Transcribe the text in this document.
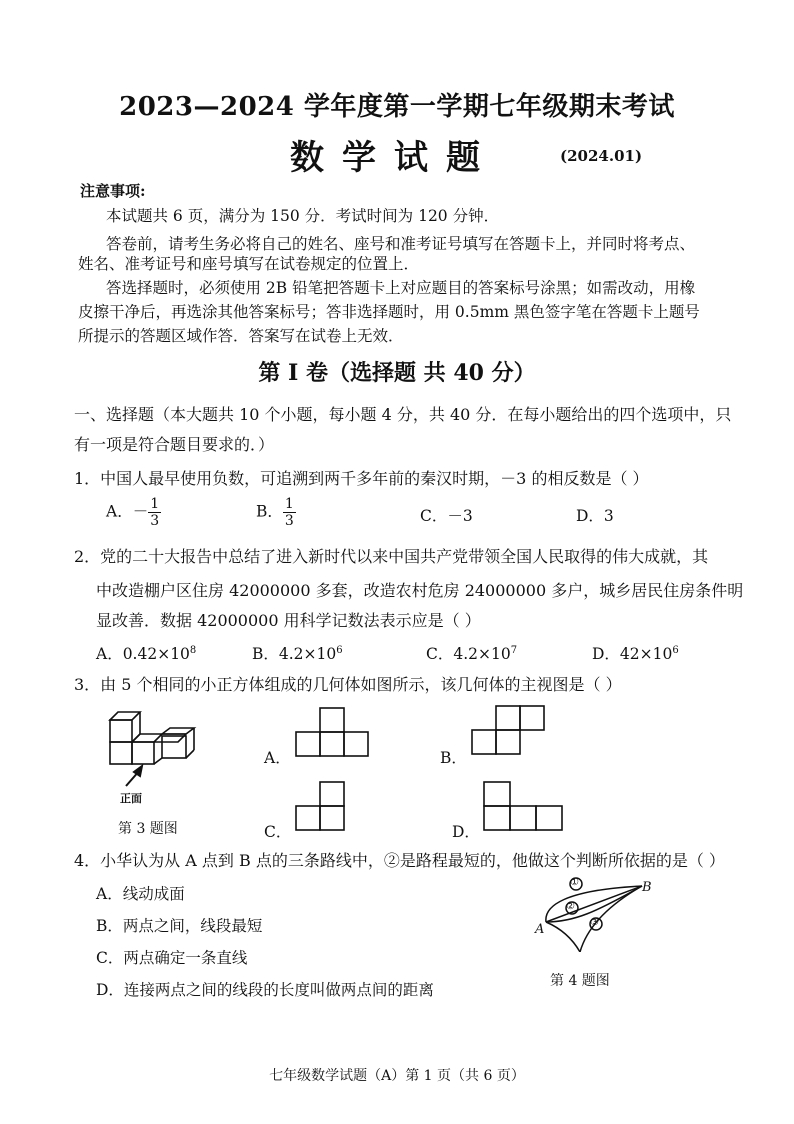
2023—2024 学年度第一学期七年级期末考试
数学试题	(2024.01)
注意事项:
本试题共 6 页，满分为 150 分．考试时间为 120 分钟．
答卷前，请考生务必将自己的姓名、座号和准考证号填写在答题卡上，并同时将考点、
姓名、准考证号和座号填写在试卷规定的位置上．
答选择题时，必须使用 2B 铅笔把答题卡上对应题目的答案标号涂黑；如需改动，用橡
皮擦干净后，再选涂其他答案标号；答非选择题时，用 0.5mm 黑色签字笔在答题卡上题号
所提示的答题区域作答．答案写在试卷上无效．
第 I 卷（选择题 共 40 分）
一、选择题（本大题共 10 个小题，每小题 4 分，共 40 分．在每小题给出的四个选项中，只
有一项是符合题目要求的．）
1．中国人最早使用负数，可追溯到两千多年前的秦汉时期，－3 的相反数是（ ）
A．－ $\frac{1}{3}$	B． $\frac{1}{3}$	C．－3	D．3
2．党的二十大报告中总结了进入新时代以来中国共产党带领全国人民取得的伟大成就，其
中改造棚户区住房 42000000 多套，改造农村危房 24000000 多户，城乡居民住房条件明
显改善．数据 42000000 用科学记数法表示应是（ ）
A．$0.42\times 10^8$	B．$4.2\times 10^6$	C．$4.2\times 10^7$	D．$42\times 10^6$
3．由 5 个相同的小正方体组成的几何体如图所示，该几何体的主视图是（ ）
正面
第 3 题图
A．	B．
C．	D．
4．小华认为从 A 点到 B 点的三条路线中，②是路程最短的，他做这个判断所依据的是（ ）
A．线动成面
B．两点之间，线段最短
C．两点确定一条直线
D．连接两点之间的线段的长度叫做两点间的距离
①
②
③
A
B
第 4 题图
七年级数学试题（A）第 1 页（共 6 页）
